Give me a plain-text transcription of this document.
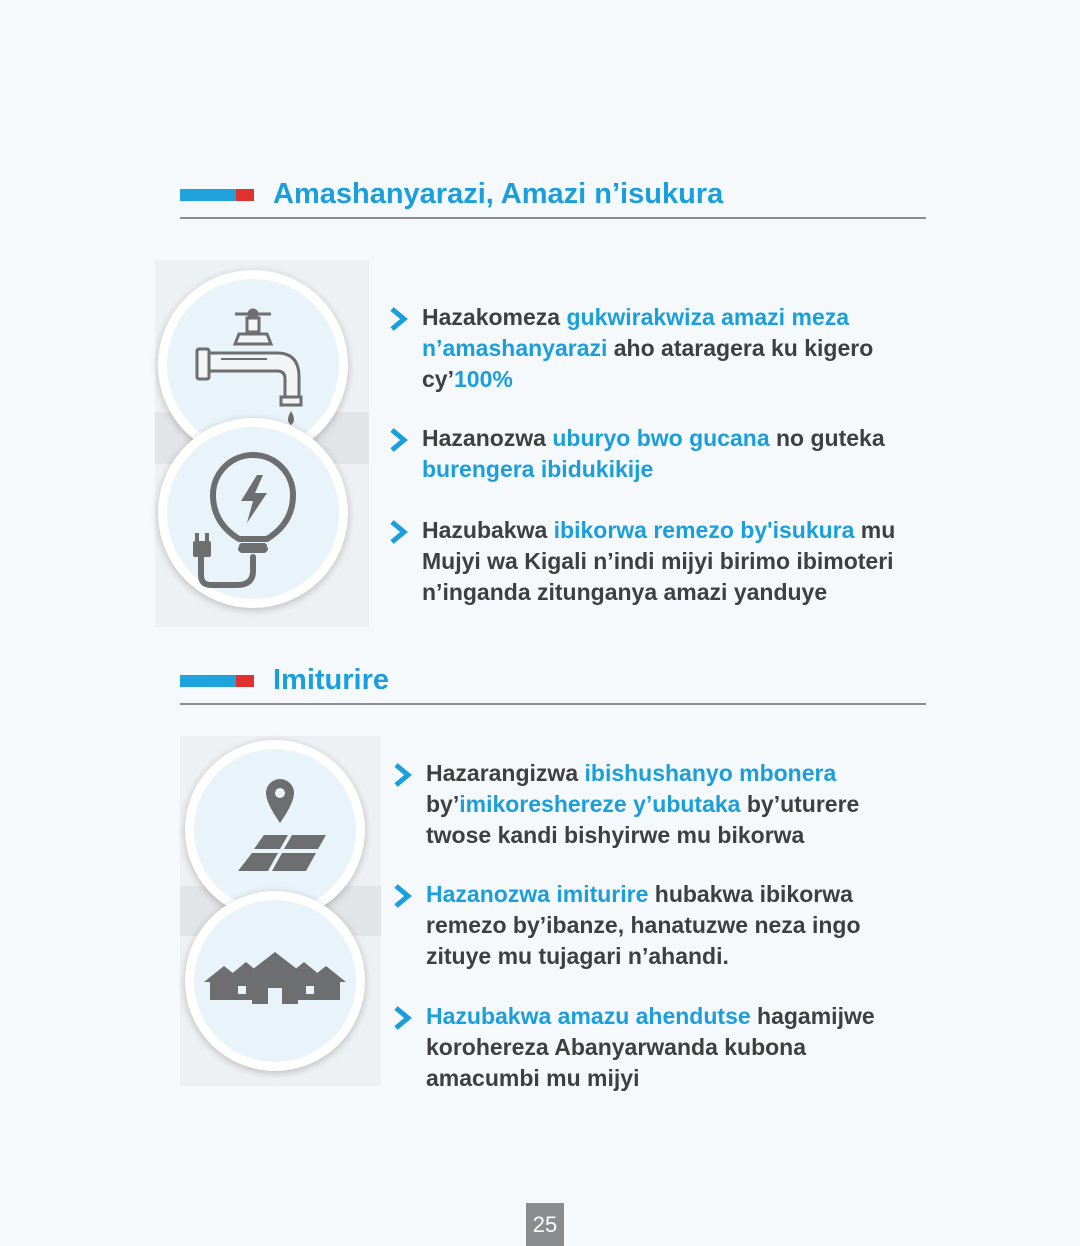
Amashanyarazi, Amazi n’isukura
Hazakomeza gukwirakwiza amazi meza
n’amashanyarazi aho ataragera ku kigero
cy’100%
Hazanozwa uburyo bwo gucana no guteka
burengera ibidukikije
Hazubakwa ibikorwa remezo by'isukura mu
Mujyi wa Kigali n’indi mijyi birimo ibimoteri
n’inganda zitunganya amazi yanduye
Imiturire
Hazarangizwa ibishushanyo mbonera
by’imikoreshereze y’ubutaka by’uturere
twose kandi bishyirwe mu bikorwa
Hazanozwa imiturire hubakwa ibikorwa
remezo by’ibanze, hanatuzwe neza ingo
zituye mu tujagari n’ahandi.
Hazubakwa amazu ahendutse hagamijwe
korohereza Abanyarwanda kubona
amacumbi mu mijyi
25
